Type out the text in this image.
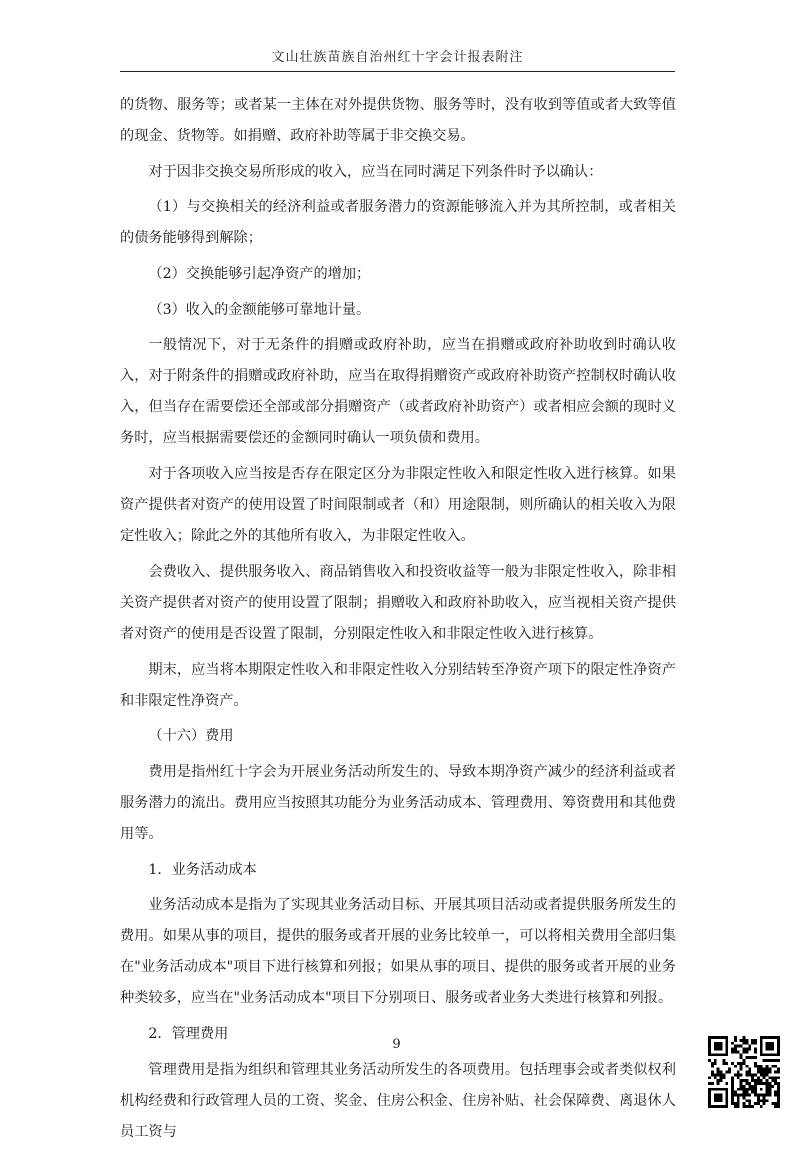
文山壮族苗族自治州红十字会计报表附注

的货物、服务等；或者某一主体在对外提供货物、服务等时，没有收到等值或者大致等值的现金、货物等。如捐赠、政府补助等属于非交换交易。

对于因非交换交易所形成的收入，应当在同时满足下列条件时予以确认：

（1）与交换相关的经济利益或者服务潜力的资源能够流入并为其所控制，或者相关的债务能够得到解除；

（2）交换能够引起净资产的增加；

（3）收入的金额能够可靠地计量。

一般情况下，对于无条件的捐赠或政府补助，应当在捐赠或政府补助收到时确认收入，对于附条件的捐赠或政府补助，应当在取得捐赠资产或政府补助资产控制权时确认收入，但当存在需要偿还全部或部分捐赠资产（或者政府补助资产）或者相应会额的现时义务时，应当根据需要偿还的金额同时确认一项负债和费用。

对于各项收入应当按是否存在限定区分为非限定性收入和限定性收入进行核算。如果资产提供者对资产的使用设置了时间限制或者（和）用途限制，则所确认的相关收入为限定性收入；除此之外的其他所有收入，为非限定性收入。

会费收入、提供服务收入、商品销售收入和投资收益等一般为非限定性收入，除非相关资产提供者对资产的使用设置了限制；捐赠收入和政府补助收入，应当视相关资产提供者对资产的使用是否设置了限制，分别限定性收入和非限定性收入进行核算。

期末，应当将本期限定性收入和非限定性收入分别结转至净资产项下的限定性净资产和非限定性净资产。

（十六）费用

费用是指州红十字会为开展业务活动所发生的、导致本期净资产减少的经济利益或者服务潜力的流出。费用应当按照其功能分为业务活动成本、管理费用、筹资费用和其他费用等。

1．业务活动成本

业务活动成本是指为了实现其业务活动目标、开展其项目活动或者提供服务所发生的费用。如果从事的项目，提供的服务或者开展的业务比较单一，可以将相关费用全部归集在"业务活动成本"项目下进行核算和列报；如果从事的项目、提供的服务或者开展的业务种类较多，应当在"业务活动成本"项目下分别项日、服务或者业务大类进行核算和列报。

2．管理费用

管理费用是指为组织和管理其业务活动所发生的各项费用。包括理事会或者类似权利机构经费和行政管理人员的工资、奖金、住房公积金、住房补贴、社会保障费、离退休人员工资与

9
